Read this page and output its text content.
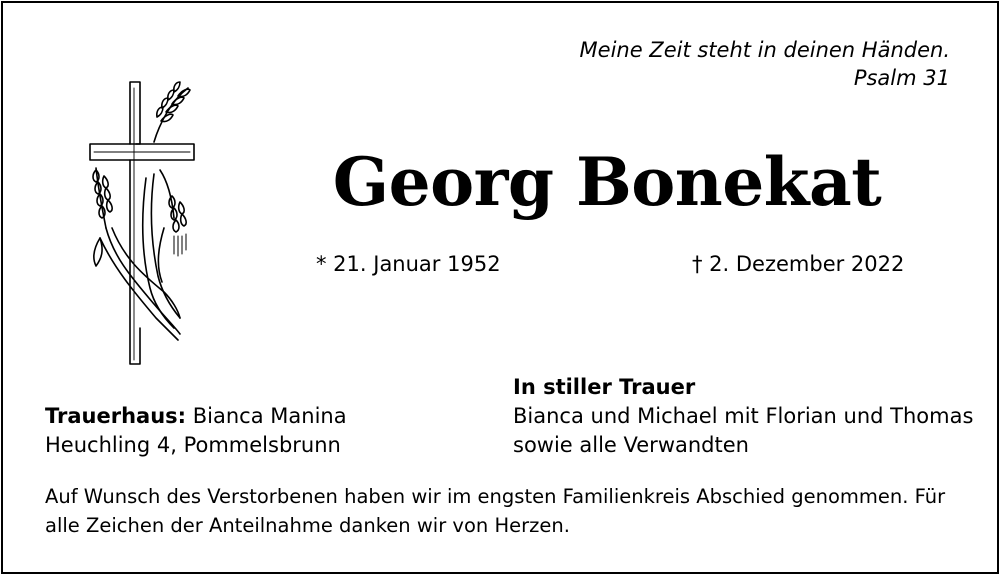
Meine Zeit steht in deinen Händen.
Psalm 31
Georg Bonekat
* 21. Januar 1952	† 2. Dezember 2022
Trauerhaus: Bianca Manina
Heuchling 4, Pommelsbrunn
In stiller Trauer
Bianca und Michael mit Florian und Thomas
sowie alle Verwandten
Auf Wunsch des Verstorbenen haben wir im engsten Familienkreis Abschied genommen. Für alle Zeichen der Anteilnahme danken wir von Herzen.
